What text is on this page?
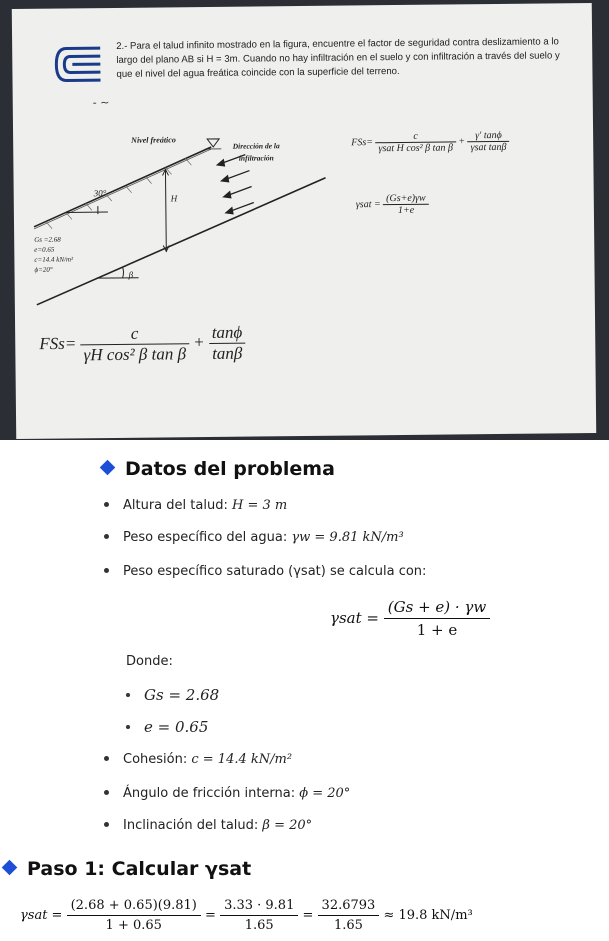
2.- Para el talud infinito mostrado en la figura, encuentre el factor de seguridad contra deslizamiento a lo largo del plano AB si H = 3m. Cuando no hay infiltración en el suelo y con infiltración a través del suelo y que el nivel del agua freática coincide con la superficie del terreno.
- ~
Nivel freático
Dirección de la infiltración
30°
H
β
Gs =2.68
e=0.65
c=14.4 kN/m²
ϕ=20°
$FSs= \frac{c}{\text{γsat H cos² β tan β}} + \frac{\gamma' \tan\phi}{\text{γsat tanβ}}$
$\gamma sat = \frac{(Gs+e)\gamma w}{1+e}$
$FSs= \frac{c}{\text{γH cos² β tan β}} + \frac{\tan\phi}{\tan\beta}$
Datos del problema
Altura del talud: H = 3 m
Peso específico del agua: γw = 9.81 kN/m³
Peso específico saturado (γsat) se calcula con:
$\gamma sat = \frac{(Gs + e) \cdot \gamma w}{1 + e}$
Donde:
Gs = 2.68
e = 0.65
Cohesión: c = 14.4 kN/m²
Ángulo de fricción interna: ϕ = 20°
Inclinación del talud: β = 20°
Paso 1: Calcular γsat
$\gamma sat = \frac{(2.68 + 0.65)(9.81)}{1 + 0.65} = \frac{3.33 \cdot 9.81}{1.65} = \frac{32.6793}{1.65} \approx 19.8$ kN/m³
